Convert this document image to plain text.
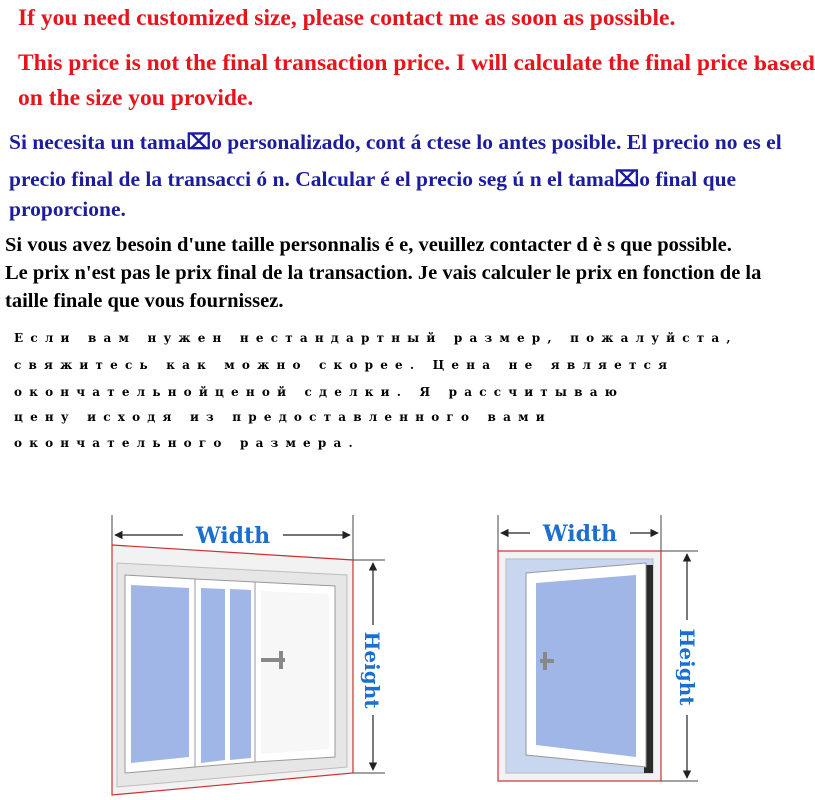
If you need customized size, please contact me as soon as possible.

This price is not the final transaction price. I will calculate the final price based

on the size you provide.

Si necesita un tama⌧o personalizado, cont á ctese lo antes posible. El precio no es el

precio final de la transacci ó n. Calcular é el precio seg ú n el tama⌧o final que

proporcione.

Si vous avez besoin d'une taille personnalis é e, veuillez contacter d è s que possible.

Le prix n'est pas le prix final de la transaction. Je vais calculer le prix en fonction de la

taille finale que vous fournissez.

Если вам нужен нестандартный размер, пожалуйста,

свяжитесь как можно скорее. Цена не является

окончательнойценой сделки. Я рассчитываю

цену исходя из предоставленного вами

окончательного размера.

Width
Height
Width
Height
